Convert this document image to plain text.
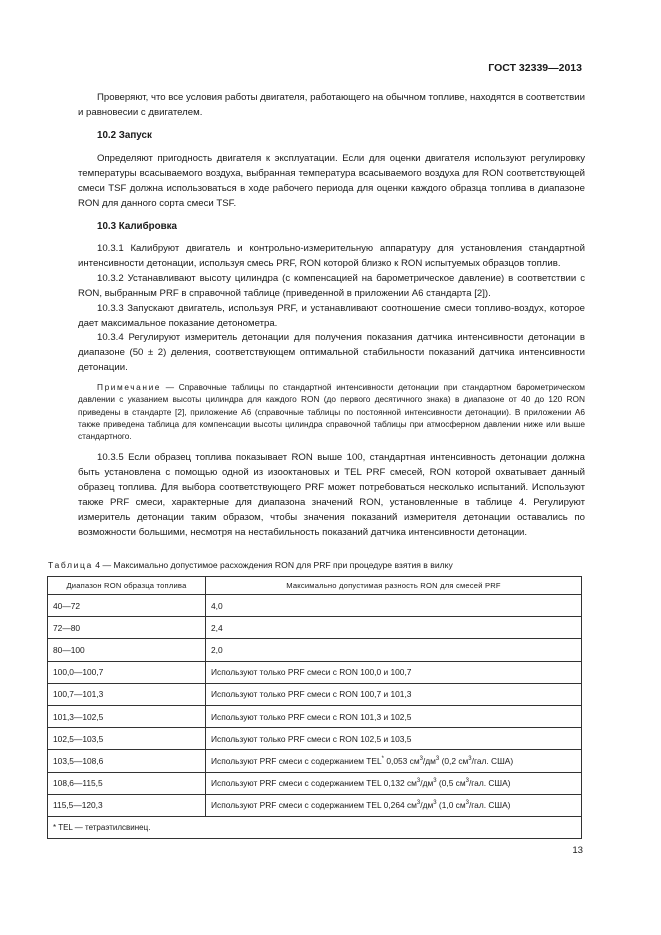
ГОСТ 32339—2013

Проверяют, что все условия работы двигателя, работающего на обычном топливе, находятся в соответствии и равновесии с двигателем.

10.2 Запуск

Определяют пригодность двигателя к эксплуатации. Если для оценки двигателя используют регулировку температуры всасываемого воздуха, выбранная температура всасываемого воздуха для RON соответствующей смеси TSF должна использоваться в ходе рабочего периода для оценки каждого образца топлива в диапазоне RON для данного сорта смеси TSF.

10.3 Калибровка

10.3.1 Калибруют двигатель и контрольно-измерительную аппаратуру для установления стандартной интенсивности детонации, используя смесь PRF, RON которой близко к RON испытуемых образцов топлив.

10.3.2 Устанавливают высоту цилиндра (с компенсацией на барометрическое давление) в соответствии с RON, выбранным PRF в справочной таблице (приведенной в приложении А6 стандарта [2]).

10.3.3 Запускают двигатель, используя PRF, и устанавливают соотношение смеси топливо-воздух, которое дает максимальное показание детонометра.

10.3.4 Регулируют измеритель детонации для получения показания датчика интенсивности детонации в диапазоне (50 ± 2) деления, соответствующем оптимальной стабильности показаний датчика интенсивности детонации.

Примечание — Справочные таблицы по стандартной интенсивности детонации при стандартном барометрическом давлении с указанием высоты цилиндра для каждого RON (до первого десятичного знака) в диапазоне от 40 до 120 RON приведены в стандарте [2], приложение А6 (справочные таблицы по постоянной интенсивности детонации). В приложении А6 также приведена таблица для компенсации высоты цилиндра справочной таблицы при атмосферном давлении ниже или выше стандартного.

10.3.5 Если образец топлива показывает RON выше 100, стандартная интенсивность детонации должна быть установлена с помощью одной из изооктановых и TEL PRF смесей, RON которой охватывает данный образец топлива. Для выбора соответствующего PRF может потребоваться несколько испытаний. Используют также PRF смеси, характерные для диапазона значений RON, установленные в таблице 4. Регулируют измеритель детонации таким образом, чтобы значения показаний измерителя детонации оставались по возможности большими, несмотря на нестабильность показаний датчика интенсивности детонации.

Таблица 4 — Максимально допустимое расхождения RON для PRF при процедуре взятия в вилку
Диапазон RON образца топлива	Максимально допустимая разность RON для смесей PRF
40—72	4,0
72—80	2,4
80—100	2,0
100,0—100,7	Используют только PRF смеси с RON 100,0 и 100,7
100,7—101,3	Используют только PRF смеси с RON 100,7 и 101,3
101,3—102,5	Используют только PRF смеси с RON 101,3 и 102,5
102,5—103,5	Используют только PRF смеси с RON 102,5 и 103,5
103,5—108,6	Используют PRF смеси с содержанием TEL* 0,053 $см^3/дм^3$ (0,2 $см^3$/гал. США)
108,6—115,5	Используют PRF смеси с содержанием TEL 0,132 $см^3/дм^3$ (0,5 $см^3$/гал. США)
115,5—120,3	Используют PRF смеси с содержанием TEL 0,264 $см^3/дм^3$ (1,0 $см^3$/гал. США)
* TEL — тетраэтилсвинец.	
13
